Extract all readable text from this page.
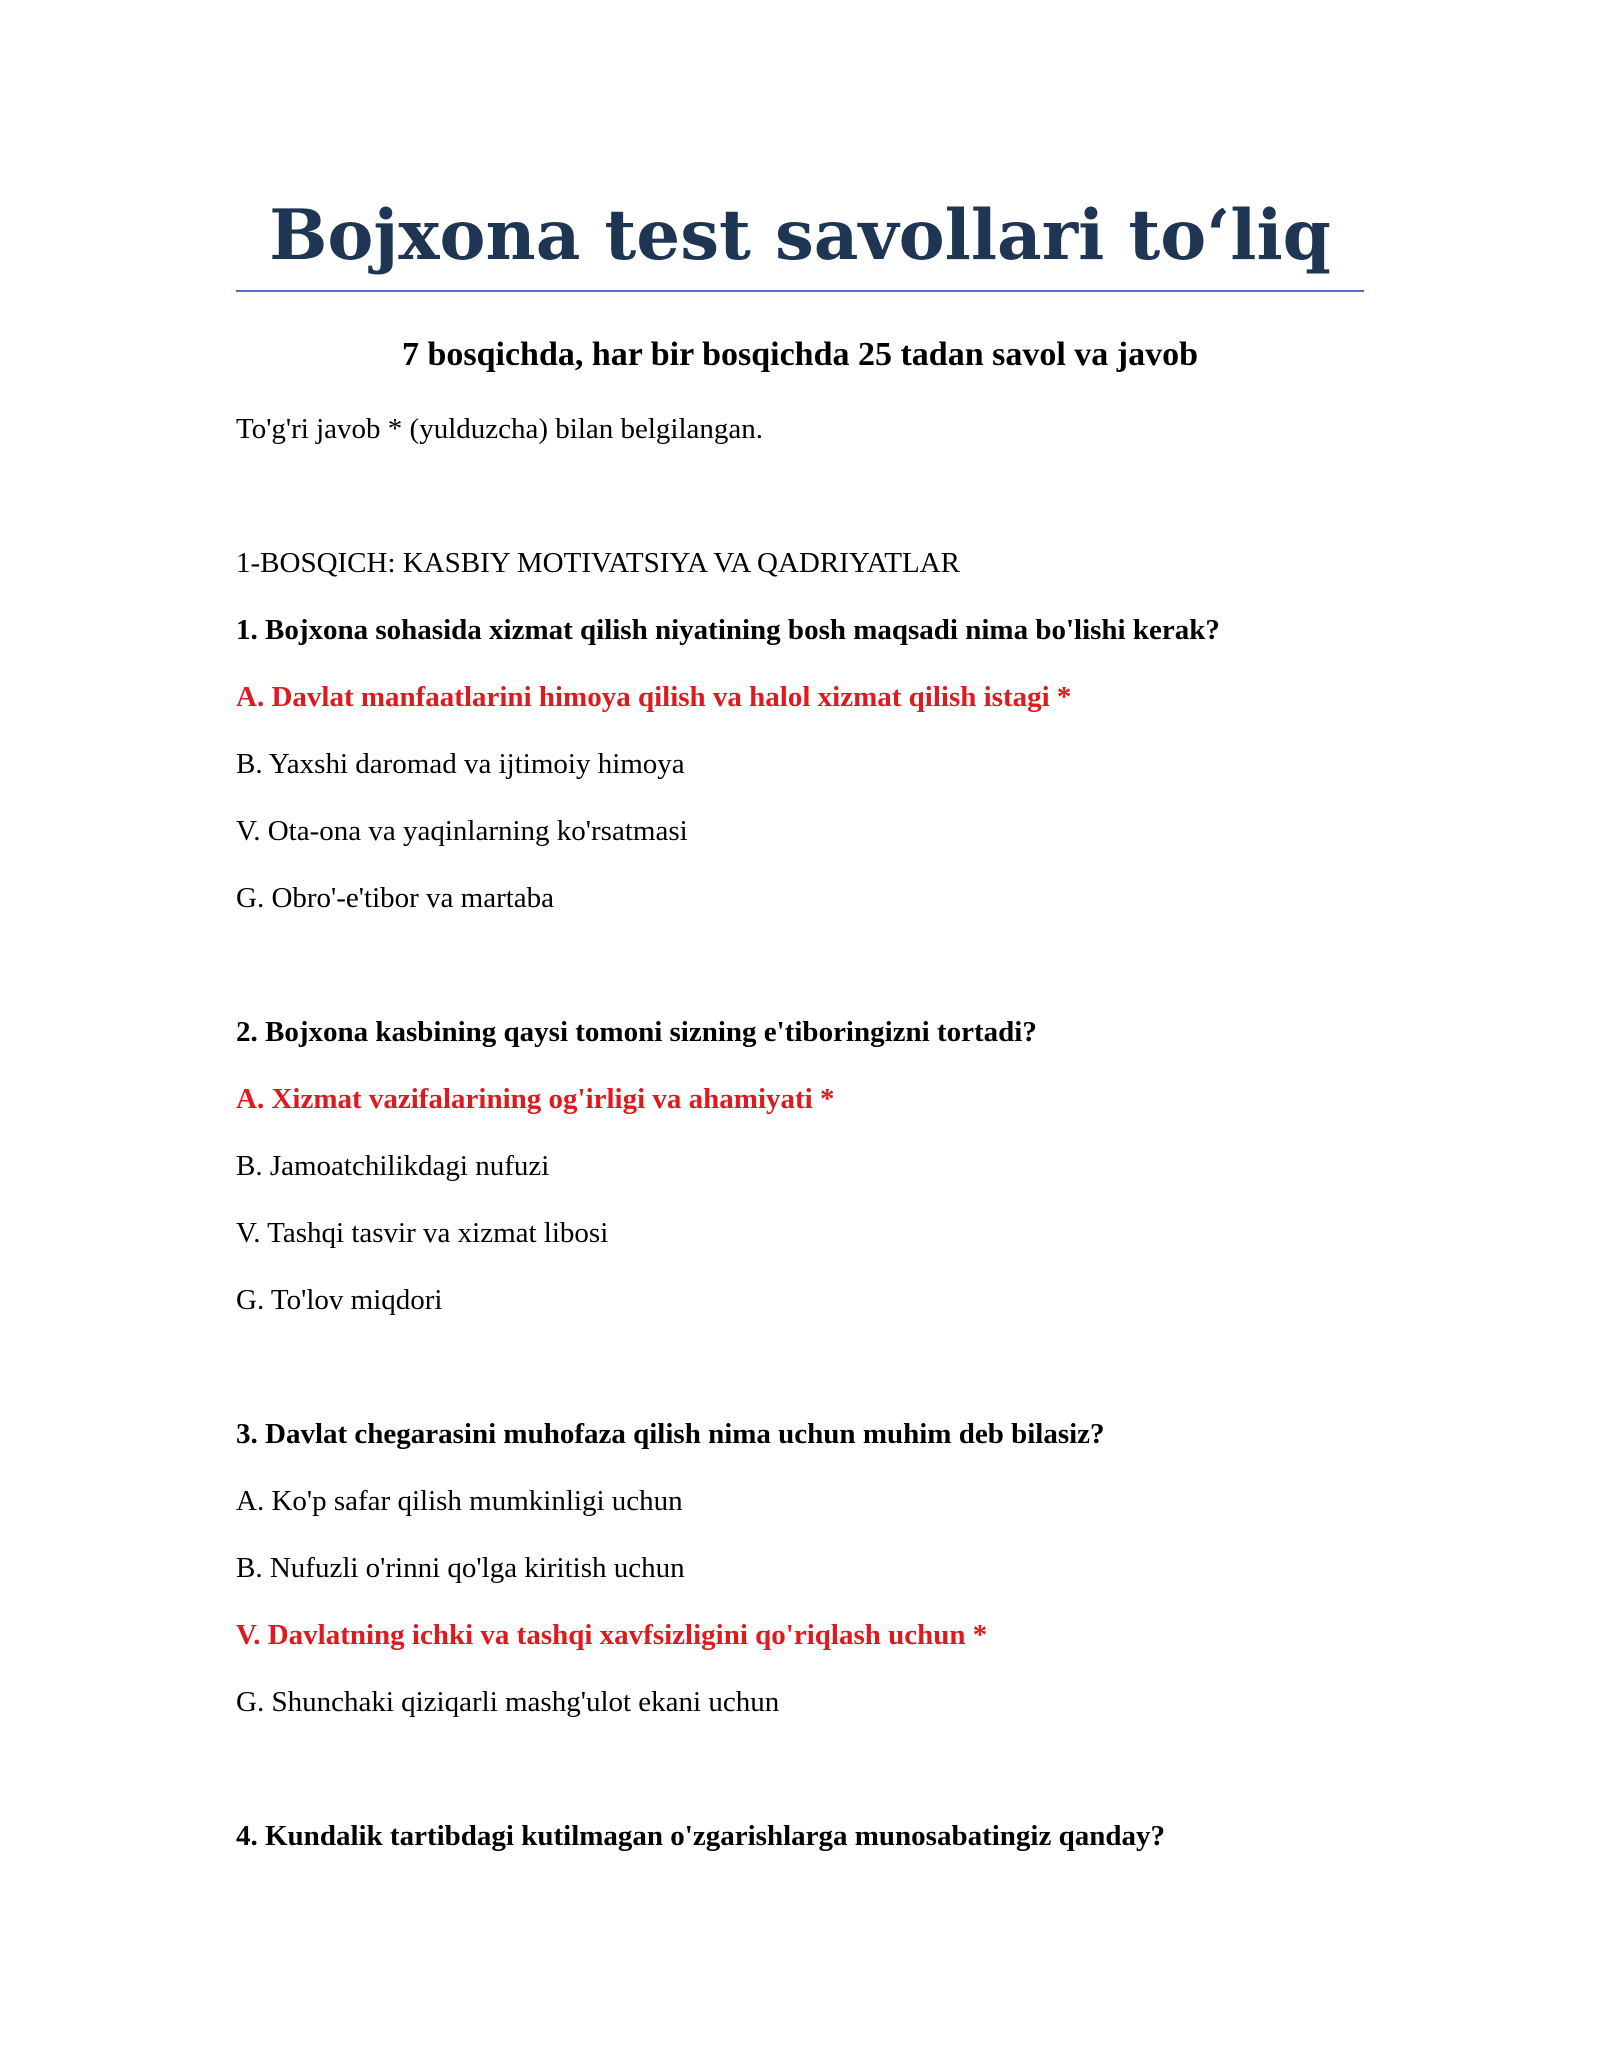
Bojxona test savollari to‘liq
7 bosqichda, har bir bosqichda 25 tadan savol va javob

To'g'ri javob * (yulduzcha) bilan belgilangan.

1-BOSQICH: KASBIY MOTIVATSIYA VA QADRIYATLAR

1. Bojxona sohasida xizmat qilish niyatining bosh maqsadi nima bo'lishi kerak?

A. Davlat manfaatlarini himoya qilish va halol xizmat qilish istagi *

B. Yaxshi daromad va ijtimoiy himoya

V. Ota-ona va yaqinlarning ko'rsatmasi

G. Obro'-e'tibor va martaba

2. Bojxona kasbining qaysi tomoni sizning e'tiboringizni tortadi?

A. Xizmat vazifalarining og'irligi va ahamiyati *

B. Jamoatchilikdagi nufuzi

V. Tashqi tasvir va xizmat libosi

G. To'lov miqdori

3. Davlat chegarasini muhofaza qilish nima uchun muhim deb bilasiz?

A. Ko'p safar qilish mumkinligi uchun

B. Nufuzli o'rinni qo'lga kiritish uchun

V. Davlatning ichki va tashqi xavfsizligini qo'riqlash uchun *

G. Shunchaki qiziqarli mashg'ulot ekani uchun

4. Kundalik tartibdagi kutilmagan o'zgarishlarga munosabatingiz qanday?
